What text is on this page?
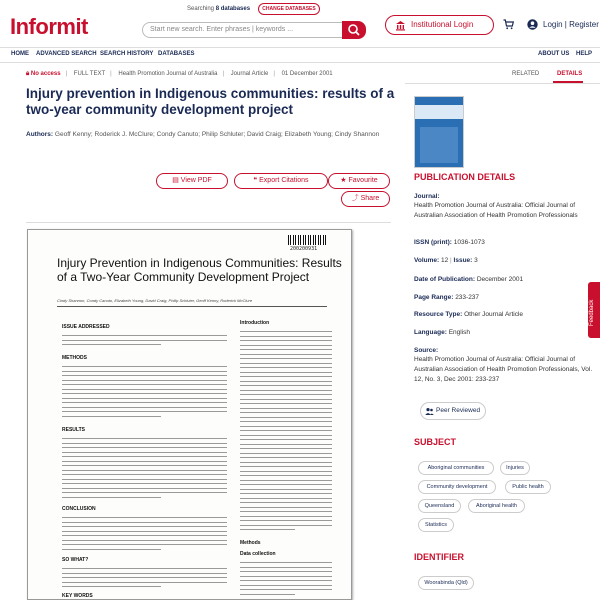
Informit
Searching 8 databases	CHANGE DATABASES
Start new search. Enter phrases | keywords ...
Institutional Login	Login | Register
HOME ADVANCED SEARCH SEARCH HISTORY DATABASES	ABOUT US HELP
🔒︎ No access | FULL TEXT | Health Promotion Journal of Australia | Journal Article | 01 December 2001	RELATED	DETAILS
Injury prevention in Indigenous communities: results of a two-year community development project
Authors: Geoff Kenny; Roderick J. McClure; Condy Canuto; Philip Schluter; David Craig; Elizabeth Young; Cindy Shannon
▤ View PDF	❝ Export Citations	★ Favourite
⤴ Share
200200931
Injury Prevention in Indigenous Communities: Results of a Two-Year Community Development Project
Cindy Shannon, Condy Canuto, Elizabeth Young, David Craig, Philip Schluter, Geoff Kenny, Roderick McClure
ISSUE ADDRESSED
METHODS
RESULTS
CONCLUSION
SO WHAT?
KEY WORDS
Introduction
Methods
Data collection
PUBLICATION DETAILS
Journal:
Health Promotion Journal of Australia: Official Journal of Australian Association of Health Promotion Professionals
ISSN (print): 1036-1073
Volume: 12 | Issue: 3
Date of Publication: December 2001
Page Range: 233-237
Resource Type: Other Journal Article
Language: English
Source:
Health Promotion Journal of Australia: Official Journal of Australian Association of Health Promotion Professionals, Vol. 12, No. 3, Dec 2001: 233-237
Peer Reviewed
SUBJECT
Aboriginal communities	Injuries
Community development	Public health
Queensland	Aboriginal health
Statistics
IDENTIFIER
Woorabinda (Qld)
Feedback
